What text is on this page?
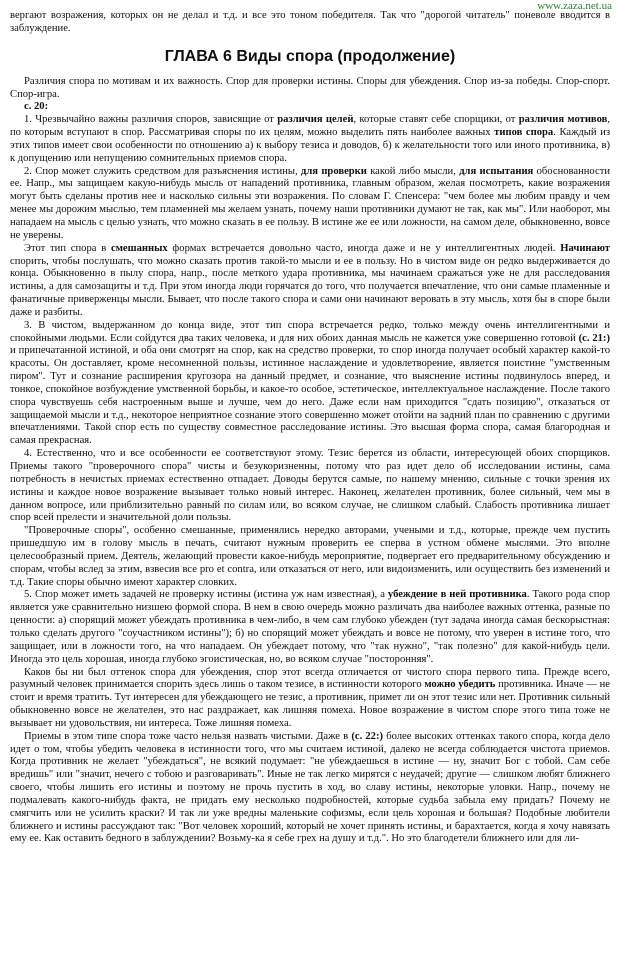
www.zaza.net.ua

вергают возражения, которых он не делал и т.д. и все это тоном победителя. Так что "дорогой читатель" поневоле вводится в заблуждение.

ГЛАВА 6 Виды спора (продолжение)

Различия спора по мотивам и их важность. Спор для проверки истины. Споры для убеждения. Спор из-за победы. Спор-спорт. Спор-игра.

с. 20:

1. Чрезвычайно важны различия споров, зависящие от различия целей, которые ставят себе спорщики, от различия мотивов, по которым вступают в спор. Рассматривая споры по их целям, можно выделить пять наиболее важных типов спора. Каждый из этих типов имеет свои особенности по отношению а) к выбору тезиса и доводов, б) к желательности того или иного противника, в) к допущению или непущению сомнительных приемов спора.

2. Спор может служить средством для разъяснения истины, для проверки какой либо мысли, для испытания обоснованности ее. Напр., мы защищаем какую-нибудь мысль от нападений противника, главным образом, желая посмотреть, какие возражения могут быть сделаны против нее и насколько сильны эти возражения. По словам Г. Спенсера: "чем более мы любим правду и чем менее мы дорожим мыслью, тем пламенней мы желаем узнать, почему наши противники думают не так, как мы". Или наоборот, мы нападаем на мысль с целью узнать, что можно сказать в ее пользу. В истине же ее или ложности, на самом деле, обыкновенно, вовсе не уверены.

Этот тип спора в смешанных формах встречается довольно часто, иногда даже и не у интеллигентных людей. Начинают спорить, чтобы послушать, что можно сказать против такой-то мысли и ее в пользу. Но в чистом виде он редко выдерживается до конца. Обыкновенно в пылу спора, напр., после меткого удара противника, мы начинаем сражаться уже не для расследования истины, а для самозащиты и т.д. При этом иногда люди горячатся до того, что получается впечатление, что они самые пламенные и фанатичные приверженцы мысли. Бывает, что после такого спора и сами они начинают веровать в эту мысль, хотя бы в споре были даже и разбиты.

3. В чистом, выдержанном до конца виде, этот тип спора встречается редко, только между очень интеллигентными и спокойными людьми. Если сойдутся два таких человека, и для них обоих данная мысль не кажется уже совершенно готовой (с. 21:) и припечатанной истиной, и оба они смотрят на спор, как на средство проверки, то спор иногда получает особый характер какой-то красоты. Он доставляет, кроме несомненной пользы, истинное наслаждение и удовлетворение, является поистине "умственным пиром". Тут и сознание расширения кругозора на данный предмет, и сознание, что выяснение истины подвинулось вперед, и тонкое, спокойное возбуждение умственной борьбы, и какое-то особое, эстетическое, интеллектуальное наслаждение. После такого спора чувствуешь себя настроенным выше и лучше, чем до него. Даже если нам приходится "сдать позицию", отказаться от защищаемой мысли и т.д., некоторое неприятное сознание этого совершенно может отойти на задний план по сравнению с другими впечатлениями. Такой спор есть по существу совместное расследование истины. Это высшая форма спора, самая благородная и самая прекрасная.

4. Естественно, что и все особенности ее соответствуют этому. Тезис берется из области, интересующей обоих спорщиков. Приемы такого "проверочного спора" чисты и безукоризненны, потому что раз идет дело об исследовании истины, сама потребность в нечистых приемах естественно отпадает. Доводы берутся самые, по нашему мнению, сильные с точки зрения их истины и каждое новое возражение вызывает только новый интерес. Наконец, желателен противник, более сильный, чем мы в данном вопросе, или приблизительно равный по силам или, во всяком случае, не слишком слабый. Слабость противника лишает спор всей прелести и значительной доли пользы.

"Проверочные споры", особенно смешанные, применялись нередко авторами, учеными и т.д., которые, прежде чем пустить пришедшую им в голову мысль в печать, считают нужным проверить ее сперва в устном обмене мыслями. Это вполне целесообразный прием. Деятель, желающий провести какое-нибудь мероприятие, подвергает его предварительному обсуждению и спорам, чтобы вслед за этим, взвесив все pro et contra, или отказаться от него, или видоизменить, или осуществить без изменений и т.д. Такие споры обычно имеют характер словких.

5. Спор может иметь задачей не проверку истины (истина уж нам известная), а убеждение в ней противника. Такого рода спор является уже сравнительно низшею формой спора. В нем в свою очередь можно различать два наиболее важных оттенка, разные по ценности: а) спорящий может убеждать противника в чем-либо, в чем сам глубоко убежден (тут задача иногда самая бескорыстная: только сделать другого "соучастником истины"); б) но спорящий может убеждать и вовсе не потому, что уверен в истине того, что защищает, или в ложности того, на что нападаем. Он убеждает потому, что "так нужно", "так полезно" для какой-нибудь цели. Иногда это цель хорошая, иногда глубоко эгоистическая, но, во всяком случае "посторонняя".

Каков бы ни был оттенок спора для убеждения, спор этот всегда отличается от чистого спора первого типа. Прежде всего, разумный человек принимается спорить здесь лишь о таком тезисе, в истинности которого можно убедить противника. Иначе — не стоит и время тратить. Тут интересен для убеждающего не тезис, а противник, примет ли он этот тезис или нет. Противник сильный обыкновенно вовсе не желателен, это нас раздражает, как лишняя помеха. Новое возражение в чистом споре этого типа тоже не вызывает ни удовольствия, ни интереса. Тоже лишняя помеха.

Приемы в этом типе спора тоже часто нельзя назвать чистыми. Даже в (с. 22:) более высоких оттенках такого спора, когда дело идет о том, чтобы убедить человека в истинности того, что мы считаем истиной, далеко не всегда соблюдается чистота приемов. Когда противник не желает "убеждаться", не всякий подумает: "не убеждаешься в истине — ну, значит Бог с тобой. Сам себе вредишь" или "значит, нечего с тобою и разговаривать". Иные не так легко мирятся с неудачей; другие — слишком любят ближнего своего, чтобы лишить его истины и поэтому не прочь пустить в ход, во славу истины, некоторые уловки. Напр., почему не подмалевать какого-нибудь факта, не придать ему несколько подробностей, которые судьба забыла ему придать? Почему не смягчить или не усилить краски? И так ли уже вредны маленькие софизмы, если цель хорошая и большая? Подобные любители ближнего и истины рассуждают так: "Вот человек хороший, который не хочет принять истины, и барахтается, когда я хочу навязать ему ее. Как оставить бедного в заблуждении? Возьму-ка я себе грех на душу и т.д.". Но это благодетели ближнего или для ли-
